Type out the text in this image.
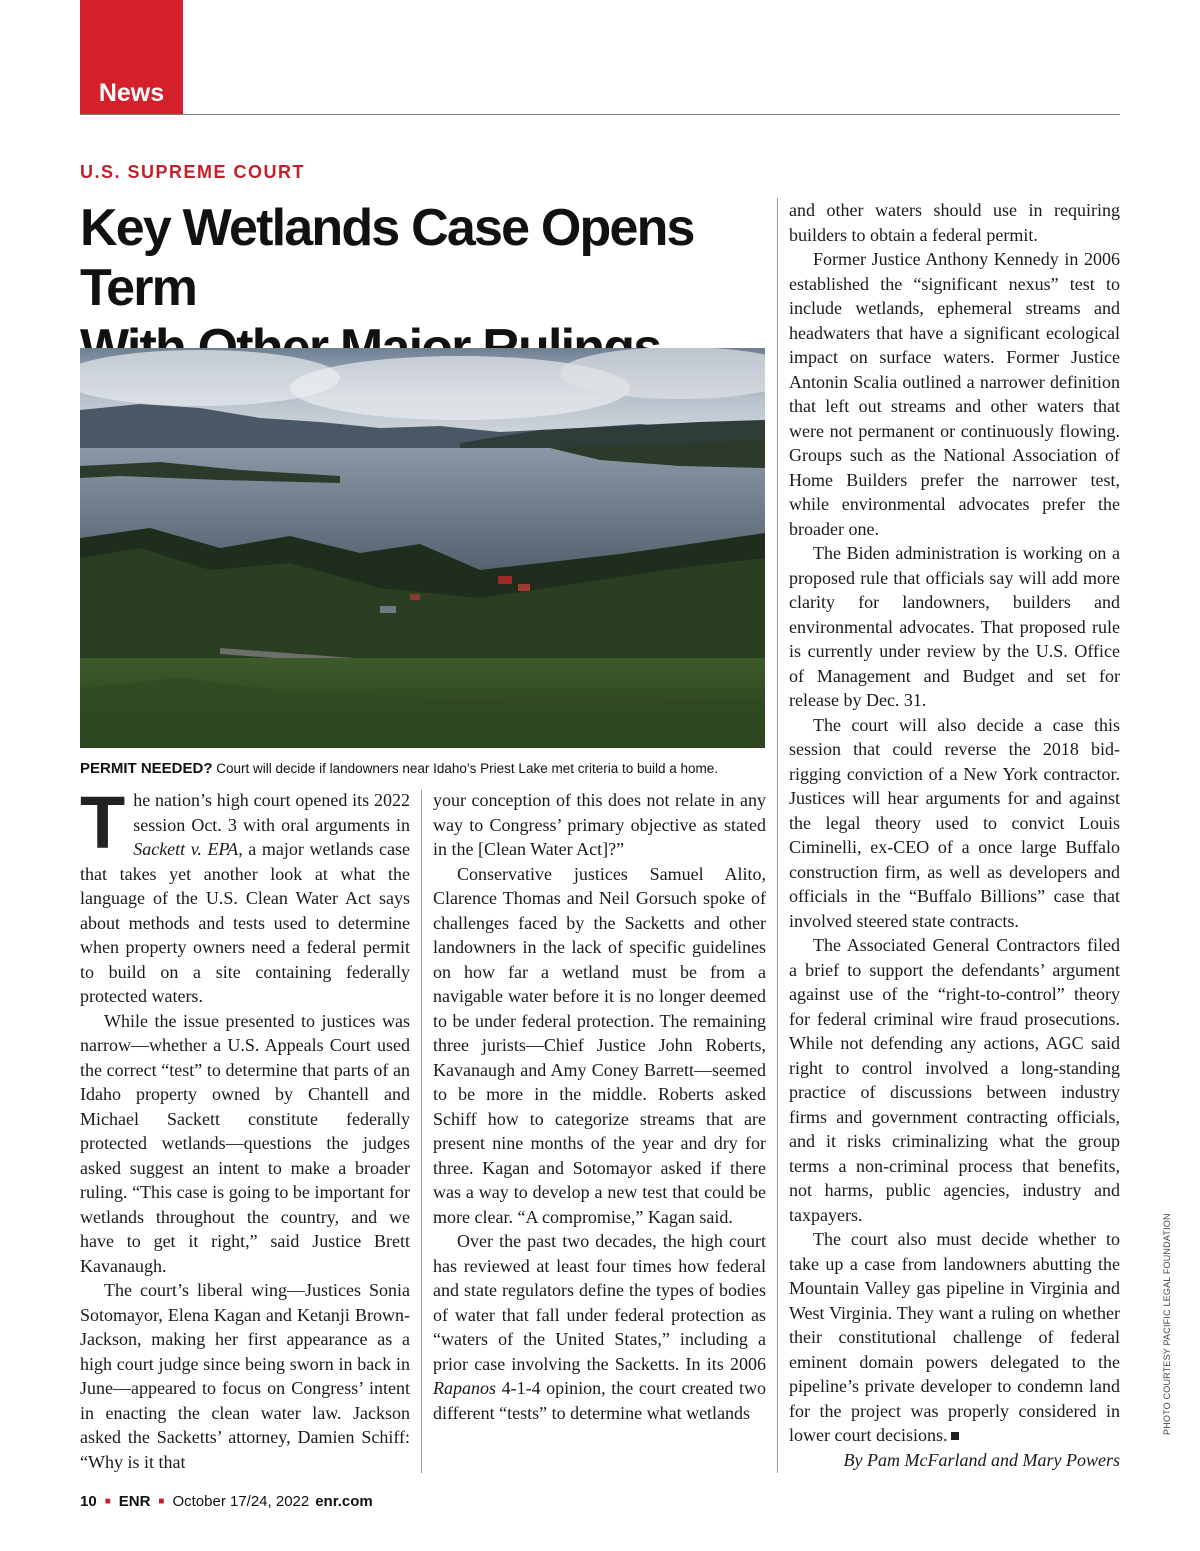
News
U.S. SUPREME COURT
Key Wetlands Case Opens Term
PERMIT NEEDED? Court will decide if landowners near Idaho’s Priest Lake met criteria to build a home.

The nation’s high court opened its 2022 session Oct. 3 with oral arguments in Sackett v. EPA, a major wetlands case that takes yet another look at what the language of the U.S. Clean Water Act says about methods and tests used to determine when property owners need a federal permit to build on a site containing federally protected waters.

While the issue presented to justices was narrow—whether a U.S. Appeals Court used the correct “test” to determine that parts of an Idaho property owned by Chantell and Michael Sackett constitute federally protected wetlands—questions the judges asked suggest an intent to make a broader ruling. “This case is going to be important for wetlands throughout the country, and we have to get it right,” said Justice Brett Kavanaugh.

The court’s liberal wing—Justices Sonia Sotomayor, Elena Kagan and Ketanji Brown-Jackson, making her first appearance as a high court judge since being sworn in back in June—appeared to focus on Congress’ intent in enacting the clean water law. Jackson asked the Sacketts’ attorney, Damien Schiff: “Why is it that

your conception of this does not relate in any way to Congress’ primary objective as stated in the [Clean Water Act]?”

Conservative justices Samuel Alito, Clarence Thomas and Neil Gorsuch spoke of challenges faced by the Sacketts and other landowners in the lack of specific guidelines on how far a wetland must be from a navigable water before it is no longer deemed to be under federal protection. The remaining three jurists—Chief Justice John Roberts, Kavanaugh and Amy Coney Barrett—seemed to be more in the middle. Roberts asked Schiff how to categorize streams that are present nine months of the year and dry for three. Kagan and Sotomayor asked if there was a way to develop a new test that could be more clear. “A compromise,” Kagan said.

Over the past two decades, the high court has reviewed at least four times how federal and state regulators define the types of bodies of water that fall under federal protection as “waters of the United States,” including a prior case involving the Sacketts. In its 2006 Rapanos 4-1-4 opinion, the court created two different “tests” to determine what wetlands

and other waters should use in requiring builders to obtain a federal permit.

Former Justice Anthony Kennedy in 2006 established the “significant nexus” test to include wetlands, ephemeral streams and headwaters that have a significant ecological impact on surface waters. Former Justice Antonin Scalia outlined a narrower definition that left out streams and other waters that were not permanent or continuously flowing. Groups such as the National Association of Home Builders prefer the narrower test, while environmental advocates prefer the broader one.

The Biden administration is working on a proposed rule that officials say will add more clarity for landowners, builders and environmental advocates. That proposed rule is currently under review by the U.S. Office of Management and Budget and set for release by Dec. 31.

The court will also decide a case this session that could reverse the 2018 bid-rigging conviction of a New York contractor. Justices will hear arguments for and against the legal theory used to convict Louis Ciminelli, ex-CEO of a once large Buffalo construction firm, as well as developers and officials in the “Buffalo Billions” case that involved steered state contracts.

The Associated General Contractors filed a brief to support the defendants’ argument against use of the “right-to-control” theory for federal criminal wire fraud prosecutions. While not defending any actions, AGC said right to control involved a long-standing practice of discussions between industry firms and government contracting officials, and it risks criminalizing what the group terms a non-criminal process that benefits, not harms, public agencies, industry and taxpayers.

The court also must decide whether to take up a case from landowners abutting the Mountain Valley gas pipeline in Virginia and West Virginia. They want a ruling on whether their constitutional challenge of federal eminent domain powers delegated to the pipeline’s private developer to condemn land for the project was properly considered in lower court decisions.

By Pam McFarland and Mary Powers

PHOTO COURTESY PACIFIC LEGAL FOUNDATION
10 ■ ENR ■ October 17/24, 2022 enr.com
